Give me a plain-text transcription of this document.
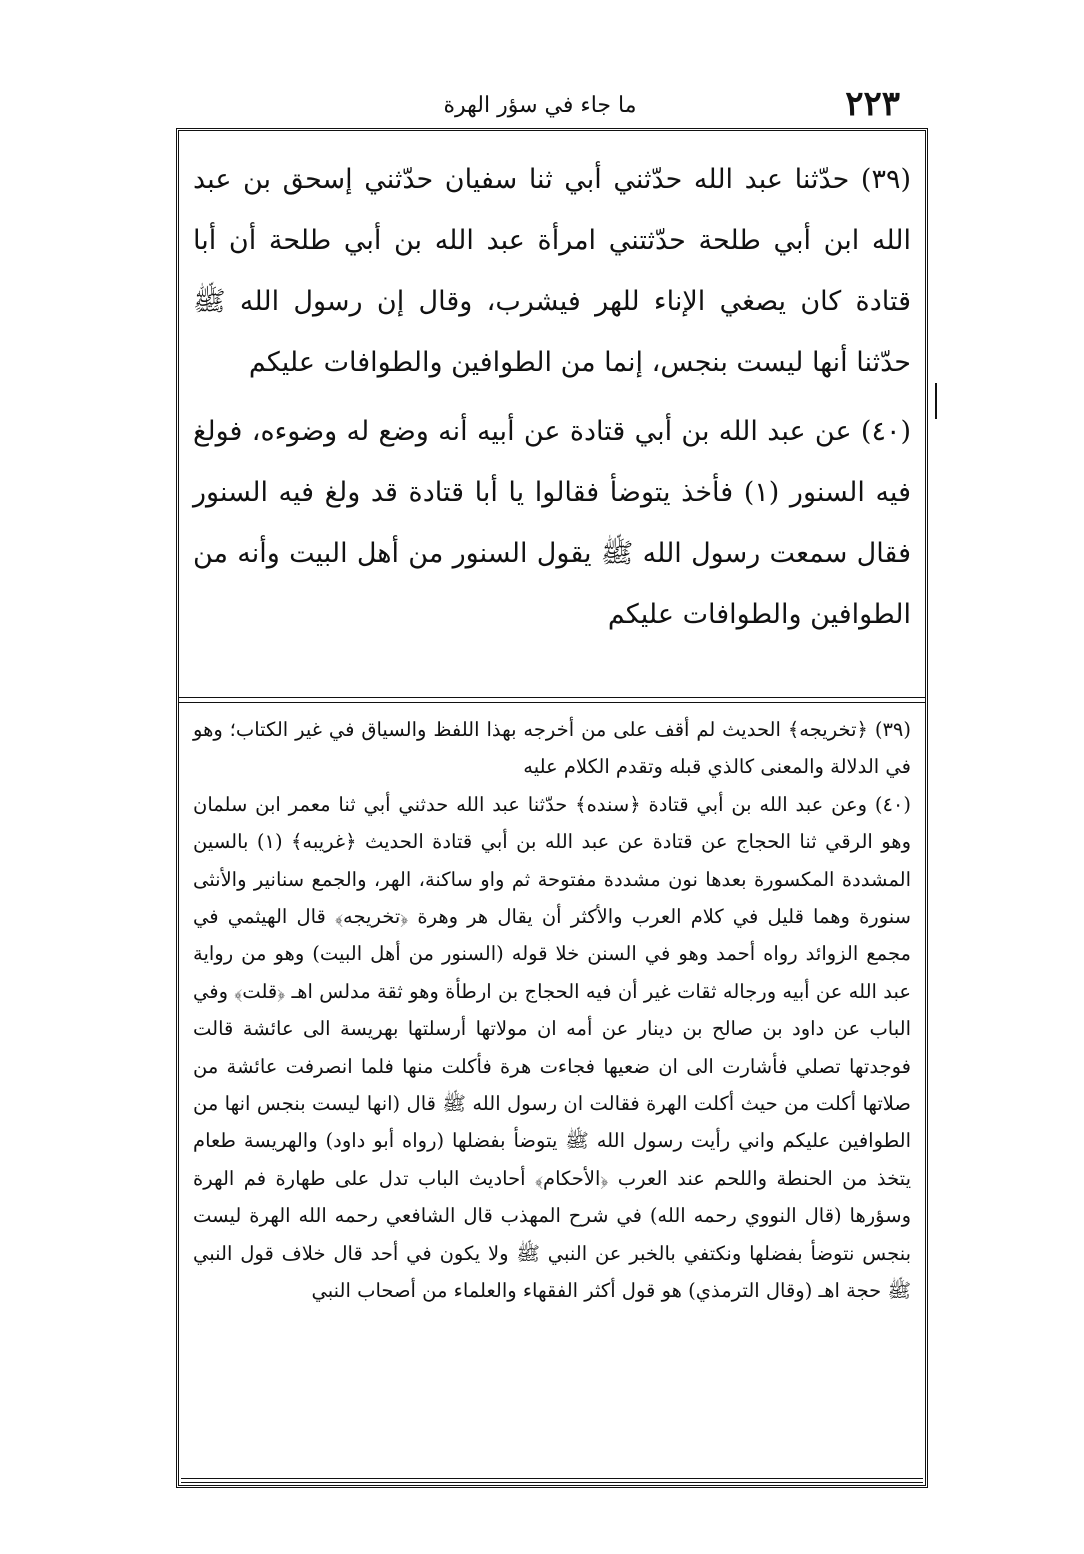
٢٢٣
ما جاء في سؤر الهرة

(٣٩) حدّثنا عبد الله حدّثني أبي ثنا سفيان حدّثني إسحق بن عبد الله ابن أبي طلحة حدّثتني امرأة عبد الله بن أبي طلحة أن أبا قتادة كان يصغي الإناء للهر فيشرب، وقال إن رسول الله ﷺ حدّثنا أنها ليست بنجس، إنما من الطوافين والطوافات عليكم

(٤٠) عن عبد الله بن أبي قتادة عن أبيه أنه وضع له وضوءه، فولغ فيه السنور (١) فأخذ يتوضأ فقالوا يا أبا قتادة قد ولغ فيه السنور فقال سمعت رسول الله ﷺ يقول السنور من أهل البيت وأنه من الطوافين والطوافات عليكم

(٣٩) ﴿تخريجه﴾ الحديث لم أقف على من أخرجه بهذا اللفظ والسياق في غير الكتاب؛ وهو في الدلالة والمعنى كالذي قبله وتقدم الكلام عليه

(٤٠) وعن عبد الله بن أبي قتادة ﴿سنده﴾ حدّثنا عبد الله حدثني أبي ثنا معمر ابن سلمان وهو الرقي ثنا الحجاج عن قتادة عن عبد الله بن أبي قتادة الحديث ﴿غريبه﴾ (١) بالسين المشددة المكسورة بعدها نون مشددة مفتوحة ثم واو ساكنة، الهر، والجمع سنانير والأنثى سنورة وهما قليل في كلام العرب والأكثر أن يقال هر وهرة ﴿تخريجه﴾ قال الهيثمي في مجمع الزوائد رواه أحمد وهو في السنن خلا قوله (السنور من أهل البيت) وهو من رواية عبد الله عن أبيه ورجاله ثقات غير أن فيه الحجاج بن ارطأة وهو ثقة مدلس اهـ ﴿قلت﴾ وفي الباب عن داود بن صالح بن دينار عن أمه ان مولاتها أرسلتها بهريسة الى عائشة قالت فوجدتها تصلي فأشارت الى ان ضعيها فجاءت هرة فأكلت منها فلما انصرفت عائشة من صلاتها أكلت من حيث أكلت الهرة فقالت ان رسول الله ﷺ قال (انها ليست بنجس انها من الطوافين عليكم واني رأيت رسول الله ﷺ يتوضأ بفضلها (رواه أبو داود) والهريسة طعام يتخذ من الحنطة واللحم عند العرب ﴿الأحكام﴾ أحاديث الباب تدل على طهارة فم الهرة وسؤرها (قال النووي رحمه الله) في شرح المهذب قال الشافعي رحمه الله الهرة ليست بنجس نتوضأ بفضلها ونكتفي بالخبر عن النبي ﷺ ولا يكون في أحد قال خلاف قول النبي ﷺ حجة اهـ (وقال الترمذي) هو قول أكثر الفقهاء والعلماء من أصحاب النبي
